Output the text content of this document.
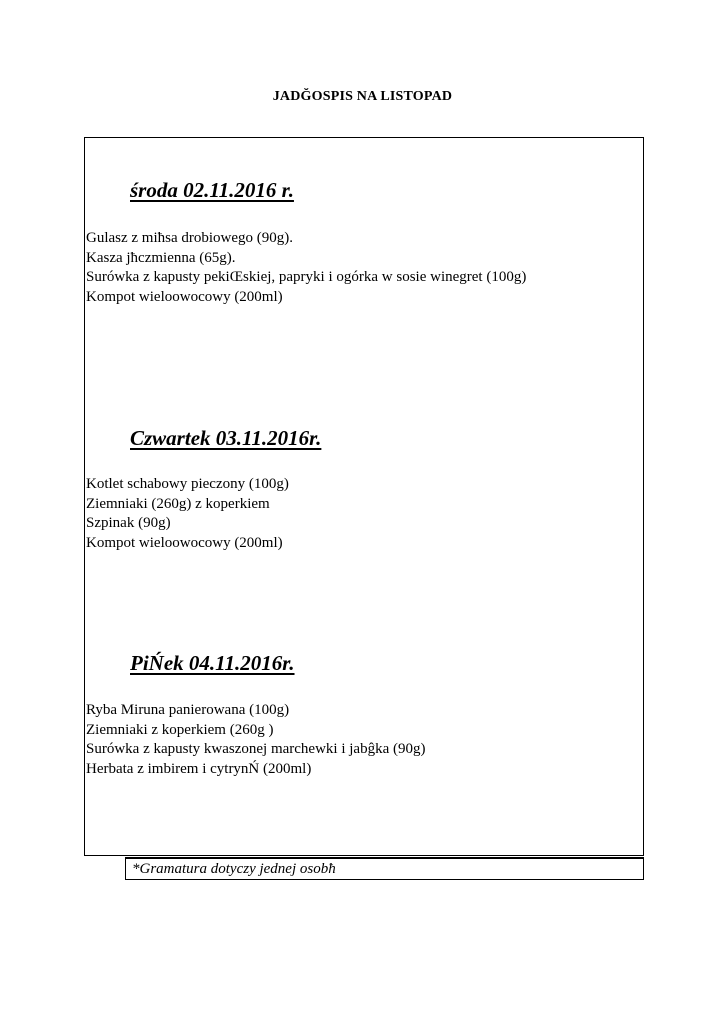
JADĞOSPIS NA LISTOPAD
środa 02.11.2016 r.
Gulasz z miħsa drobiowego (90g).
Kasza jħczmienna (65g).
Surówka z kapusty pekiŒskiej, papryki i ogórka w sosie winegret (100g)
Kompot wieloowocowy (200ml)
Czwartek 03.11.2016r.
Kotlet schabowy pieczony (100g)
Ziemniaki (260g) z koperkiem
Szpinak (90g)
Kompot wieloowocowy (200ml)
PiŃek 04.11.2016r.
Ryba Miruna panierowana (100g)
Ziemniaki z koperkiem (260g )
Surówka z kapusty kwaszonej marchewki i jabĝka (90g)
Herbata z imbirem i cytrynŃ (200ml)
*Gramatura dotyczy jednej osobħ
